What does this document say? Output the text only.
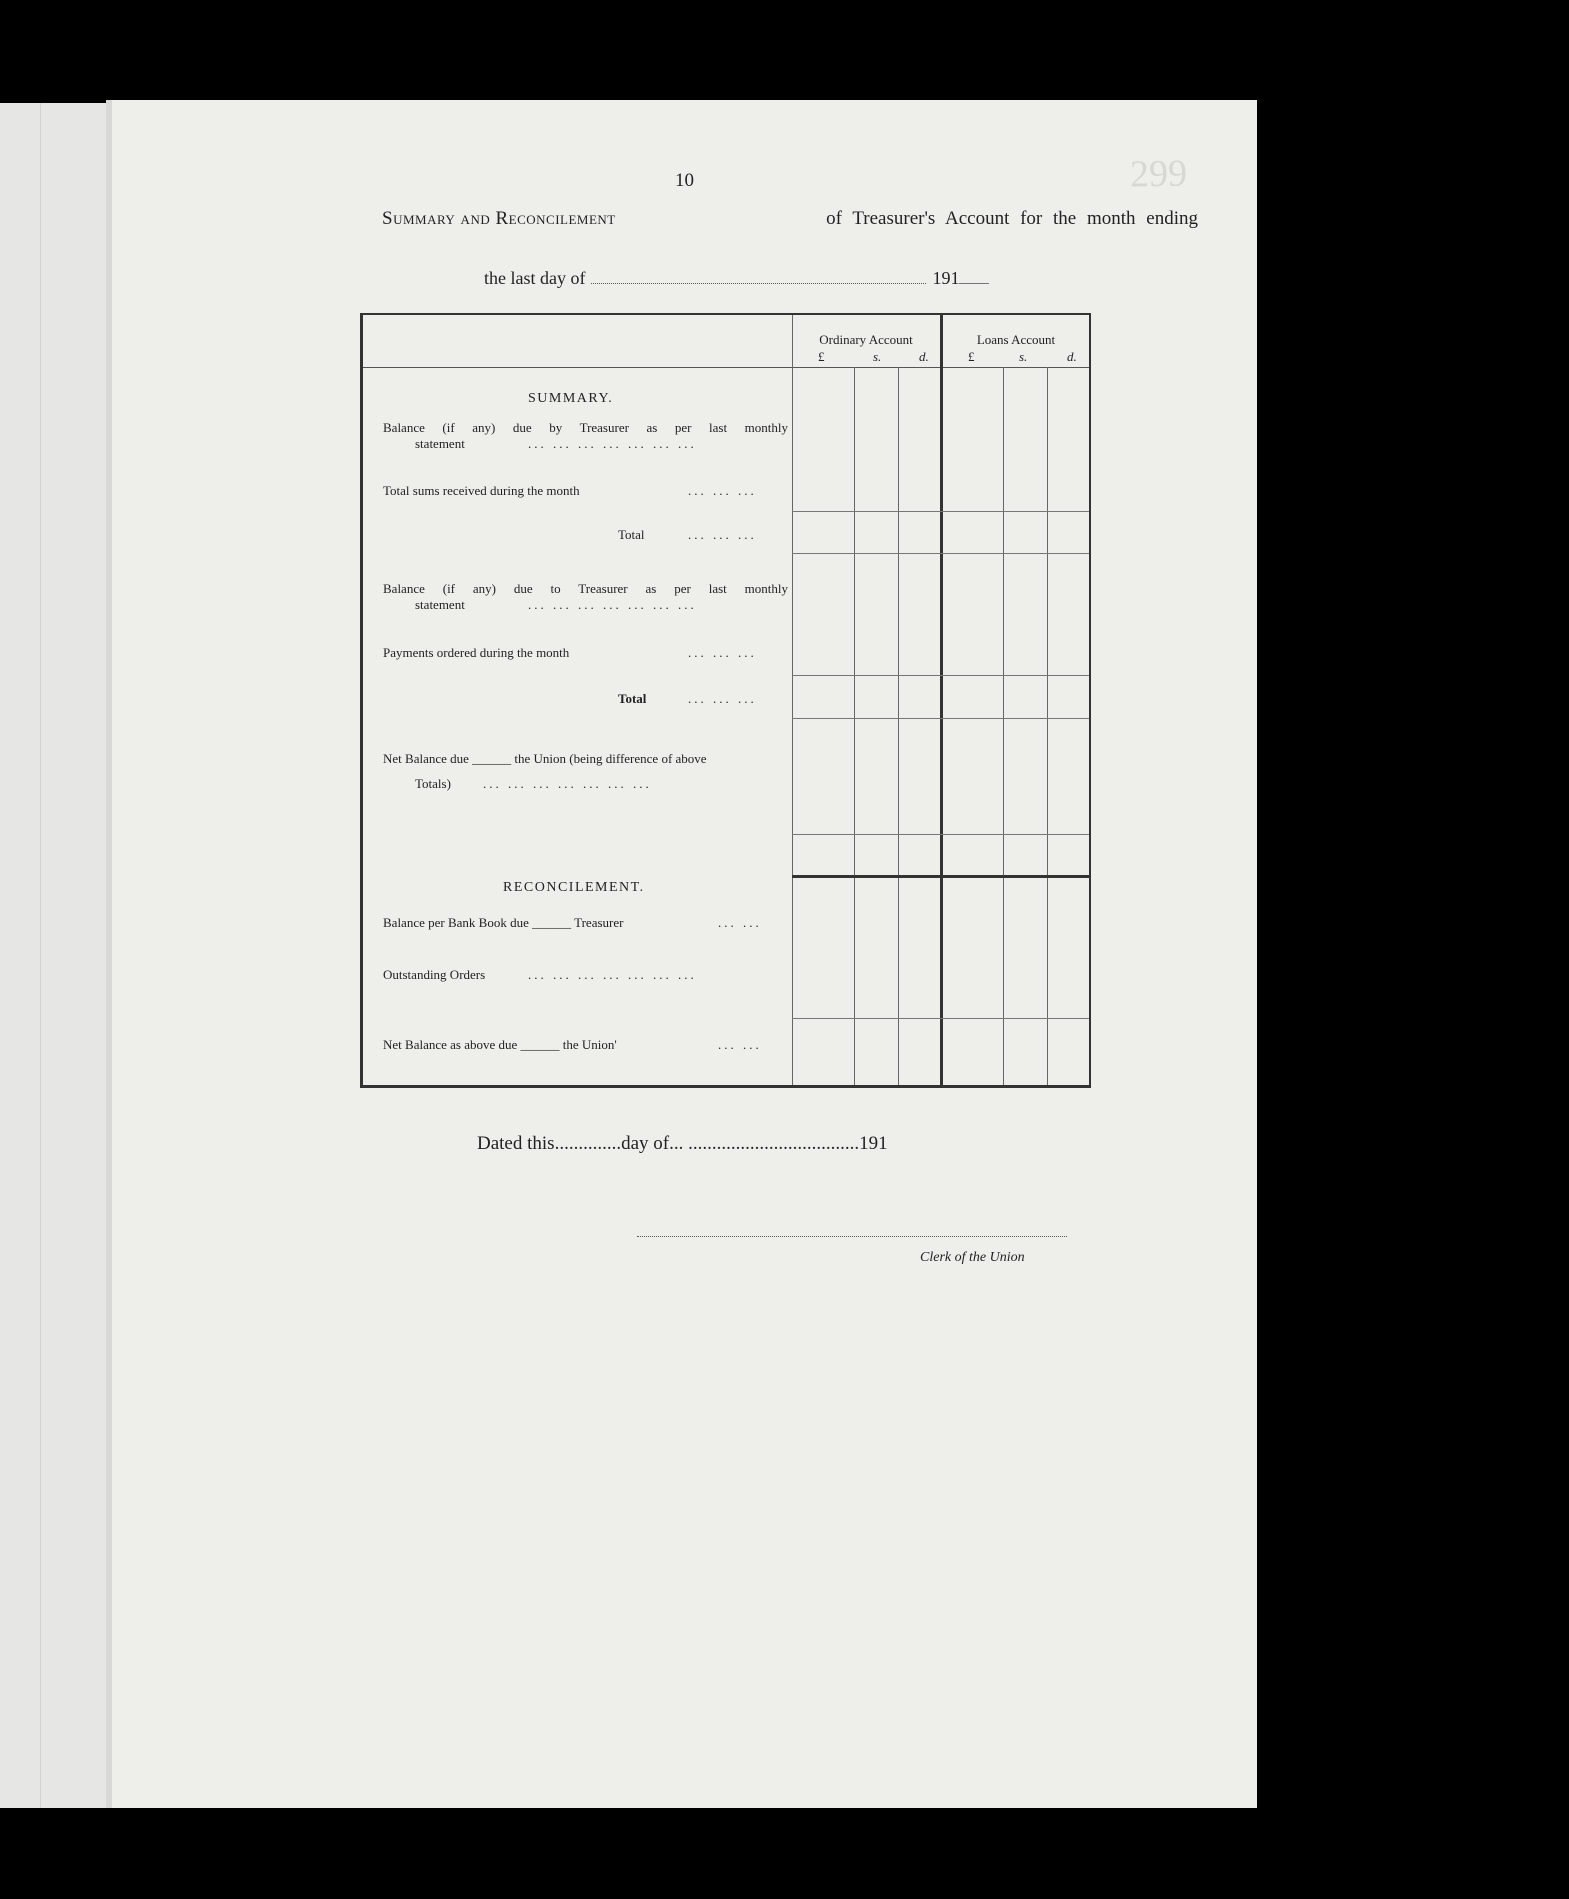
299
10
Summary and Reconcilement	of Treasurer's Account for the month ending
the last day of	191
Ordinary Account	Loans Account
£	s.	d.	£	s.	d.
SUMMARY.
Balance (if any) due by Treasurer as per last monthly
statement	... ... ... ... ... ... ...
Total sums received during the month	... ... ...
Total	... ... ...
Balance (if any) due to Treasurer as per last monthly
statement	... ... ... ... ... ... ...
Payments ordered during the month	... ... ...
Total	... ... ...
Net Balance due ______ the Union (being difference of above
Totals) ... ... ... ... ... ... ...
RECONCILEMENT.
Balance per Bank Book due ______ Treasurer	... ...
Outstanding Orders	... ... ... ... ... ... ...
Net Balance as above due ______ the Union'	... ...
Dated this..............day of... ....................................191
Clerk of the Union
